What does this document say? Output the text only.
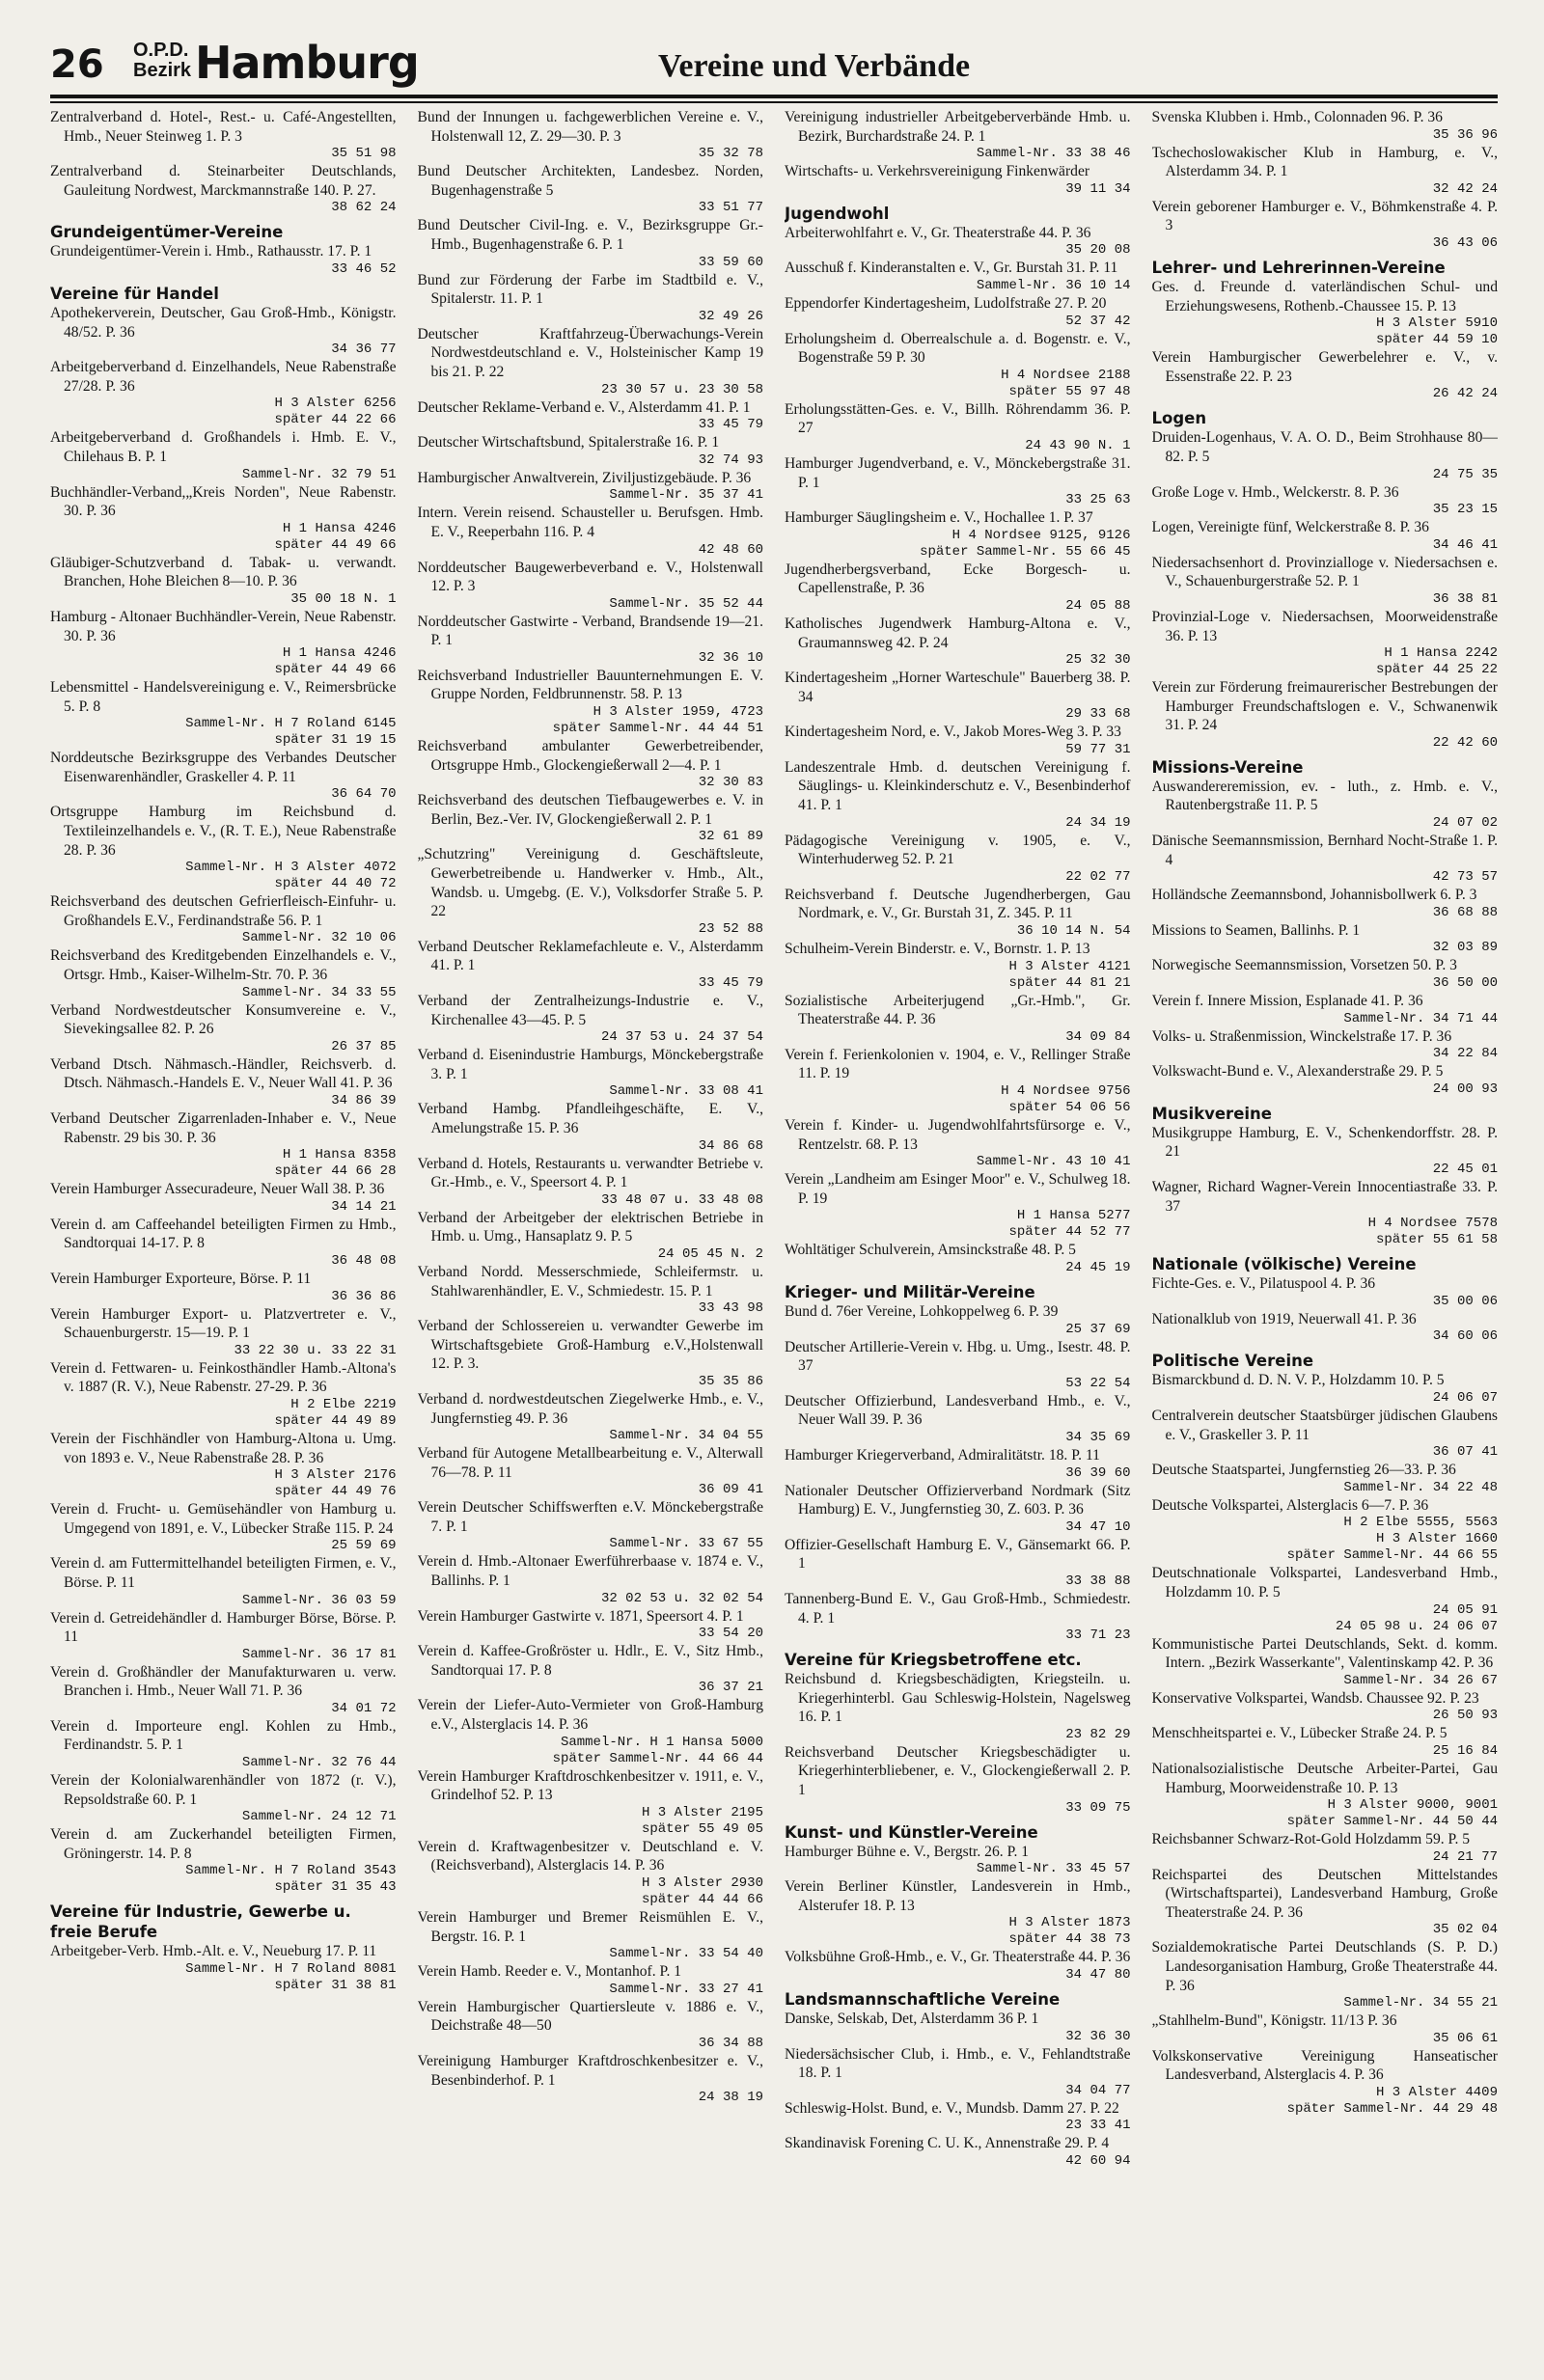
26 O.P.D.
Bezirk Hamburg	Vereine und Verbände

Zentralverband d. Hotel-, Rest.- u. Café-Angestellten, Hmb., Neuer Steinweg 1. P. 3

35 51 98

Zentralverband d. Steinarbeiter Deutschlands, Gauleitung Nordwest, Marckmannstraße 140. P. 27.

38 62 24
Grundeigentümer-Vereine

Grundeigentümer-Verein i. Hmb., Rathausstr. 17. P. 1

33 46 52
Vereine für Handel

Apothekerverein, Deutscher, Gau Groß-Hmb., Königstr. 48/52. P. 36

34 36 77

Arbeitgeberverband d. Einzelhandels, Neue Rabenstraße 27/28. P. 36

H 3 Alster 6256
später 44 22 66

Arbeitgeberverband d. Großhandels i. Hmb. E. V., Chilehaus B. P. 1

Sammel-Nr. 32 79 51

Buchhändler-Verband,„Kreis Norden", Neue Rabenstr. 30. P. 36

H 1 Hansa 4246
später 44 49 66

Gläubiger-Schutzverband d. Tabak- u. verwandt. Branchen, Hohe Bleichen 8—10. P. 36

35 00 18 N. 1

Hamburg - Altonaer Buchhändler-Verein, Neue Rabenstr. 30. P. 36

H 1 Hansa 4246
später 44 49 66

Lebensmittel - Handelsvereinigung e. V., Reimersbrücke 5. P. 8

Sammel-Nr. H 7 Roland 6145
später 31 19 15

Norddeutsche Bezirksgruppe des Verbandes Deutscher Eisenwarenhändler, Graskeller 4. P. 11

36 64 70

Ortsgruppe Hamburg im Reichsbund d. Textileinzelhandels e. V., (R. T. E.), Neue Rabenstraße 28. P. 36

Sammel-Nr. H 3 Alster 4072
später 44 40 72

Reichsverband des deutschen Gefrierfleisch-Einfuhr- u. Großhandels E.V., Ferdinandstraße 56. P. 1

Sammel-Nr. 32 10 06

Reichsverband des Kreditgebenden Einzelhandels e. V., Ortsgr. Hmb., Kaiser-Wilhelm-Str. 70. P. 36

Sammel-Nr. 34 33 55

Verband Nordwestdeutscher Konsumvereine e. V., Sievekingsallee 82. P. 26

26 37 85

Verband Dtsch. Nähmasch.-Händler, Reichsverb. d. Dtsch. Nähmasch.-Handels E. V., Neuer Wall 41. P. 36

34 86 39

Verband Deutscher Zigarrenladen-Inhaber e. V., Neue Rabenstr. 29 bis 30. P. 36

H 1 Hansa 8358
später 44 66 28

Verein Hamburger Assecuradeure, Neuer Wall 38. P. 36

34 14 21

Verein d. am Caffeehandel beteiligten Firmen zu Hmb., Sandtorquai 14-17. P. 8

36 48 08

Verein Hamburger Exporteure, Börse. P. 11

36 36 86

Verein Hamburger Export- u. Platzvertreter e. V., Schauenburgerstr. 15—19. P. 1

33 22 30 u. 33 22 31

Verein d. Fettwaren- u. Feinkosthändler Hamb.-Altona's v. 1887 (R. V.), Neue Rabenstr. 27-29. P. 36

H 2 Elbe 2219
später 44 49 89

Verein der Fischhändler von Hamburg-Altona u. Umg. von 1893 e. V., Neue Rabenstraße 28. P. 36

H 3 Alster 2176
später 44 49 76

Verein d. Frucht- u. Gemüsehändler von Hamburg u. Umgegend von 1891, e. V., Lübecker Straße 115. P. 24

25 59 69

Verein d. am Futtermittelhandel beteiligten Firmen, e. V., Börse. P. 11

Sammel-Nr. 36 03 59

Verein d. Getreidehändler d. Hamburger Börse, Börse. P. 11

Sammel-Nr. 36 17 81

Verein d. Großhändler der Manufakturwaren u. verw. Branchen i. Hmb., Neuer Wall 71. P. 36

34 01 72

Verein d. Importeure engl. Kohlen zu Hmb., Ferdinandstr. 5. P. 1

Sammel-Nr. 32 76 44

Verein der Kolonialwarenhändler von 1872 (r. V.), Repsoldstraße 60. P. 1

Sammel-Nr. 24 12 71

Verein d. am Zuckerhandel beteiligten Firmen, Gröningerstr. 14. P. 8

Sammel-Nr. H 7 Roland 3543
später 31 35 43
Vereine für Industrie, Gewerbe u. freie Berufe

Arbeitgeber-Verb. Hmb.-Alt. e. V., Neueburg 17. P. 11

Sammel-Nr. H 7 Roland 8081
später 31 38 81

Bund der Innungen u. fachgewerblichen Vereine e. V., Holstenwall 12, Z. 29—30. P. 3

35 32 78

Bund Deutscher Architekten, Landesbez. Norden, Bugenhagenstraße 5

33 51 77

Bund Deutscher Civil-Ing. e. V., Bezirksgruppe Gr.-Hmb., Bugenhagenstraße 6. P. 1

33 59 60

Bund zur Förderung der Farbe im Stadtbild e. V., Spitalerstr. 11. P. 1

32 49 26

Deutscher Kraftfahrzeug-Überwachungs-Verein Nordwestdeutschland e. V., Holsteinischer Kamp 19 bis 21. P. 22

23 30 57 u. 23 30 58

Deutscher Reklame-Verband e. V., Alsterdamm 41. P. 1

33 45 79

Deutscher Wirtschaftsbund, Spitalerstraße 16. P. 1

32 74 93

Hamburgischer Anwaltverein, Ziviljustizgebäude. P. 36

Sammel-Nr. 35 37 41

Intern. Verein reisend. Schausteller u. Berufsgen. Hmb. E. V., Reeperbahn 116. P. 4

42 48 60

Norddeutscher Baugewerbeverband e. V., Holstenwall 12. P. 3

Sammel-Nr. 35 52 44

Norddeutscher Gastwirte - Verband, Brandsende 19—21. P. 1

32 36 10

Reichsverband Industrieller Bauunternehmungen E. V. Gruppe Norden, Feldbrunnenstr. 58. P. 13

H 3 Alster 1959, 4723
später Sammel-Nr. 44 44 51

Reichsverband ambulanter Gewerbetreibender, Ortsgruppe Hmb., Glockengießerwall 2—4. P. 1

32 30 83

Reichsverband des deutschen Tiefbaugewerbes e. V. in Berlin, Bez.-Ver. IV, Glockengießerwall 2. P. 1

32 61 89

„Schutzring" Vereinigung d. Geschäftsleute, Gewerbetreibende u. Handwerker v. Hmb., Alt., Wandsb. u. Umgebg. (E. V.), Volksdorfer Straße 5. P. 22

23 52 88

Verband Deutscher Reklamefachleute e. V., Alsterdamm 41. P. 1

33 45 79

Verband der Zentralheizungs-Industrie e. V., Kirchenallee 43—45. P. 5

24 37 53 u. 24 37 54

Verband d. Eisenindustrie Hamburgs, Mönckebergstraße 3. P. 1

Sammel-Nr. 33 08 41

Verband Hambg. Pfandleihgeschäfte, E. V., Amelungstraße 15. P. 36

34 86 68

Verband d. Hotels, Restaurants u. verwandter Betriebe v. Gr.-Hmb., e. V., Speersort 4. P. 1

33 48 07 u. 33 48 08

Verband der Arbeitgeber der elektrischen Betriebe in Hmb. u. Umg., Hansaplatz 9. P. 5

24 05 45 N. 2

Verband Nordd. Messerschmiede, Schleifermstr. u. Stahlwarenhändler, E. V., Schmiedestr. 15. P. 1

33 43 98

Verband der Schlossereien u. verwandter Gewerbe im Wirtschaftsgebiete Groß-Hamburg e.V.,Holstenwall 12. P. 3.

35 35 86

Verband d. nordwestdeutschen Ziegelwerke Hmb., e. V., Jungfernstieg 49. P. 36

Sammel-Nr. 34 04 55

Verband für Autogene Metallbearbeitung e. V., Alterwall 76—78. P. 11

36 09 41

Verein Deutscher Schiffswerften e.V. Mönckebergstraße 7. P. 1

Sammel-Nr. 33 67 55

Verein d. Hmb.-Altonaer Ewerführerbaase v. 1874 e. V., Ballinhs. P. 1

32 02 53 u. 32 02 54

Verein Hamburger Gastwirte v. 1871, Speersort 4. P. 1

33 54 20

Verein d. Kaffee-Großröster u. Hdlr., E. V., Sitz Hmb., Sandtorquai 17. P. 8

36 37 21

Verein der Liefer-Auto-Vermieter von Groß-Hamburg e.V., Alsterglacis 14. P. 36

Sammel-Nr. H 1 Hansa 5000
später Sammel-Nr. 44 66 44

Verein Hamburger Kraftdroschkenbesitzer v. 1911, e. V., Grindelhof 52. P. 13

H 3 Alster 2195
später 55 49 05

Verein d. Kraftwagenbesitzer v. Deutschland e. V. (Reichsverband), Alsterglacis 14. P. 36

H 3 Alster 2930
später 44 44 66

Verein Hamburger und Bremer Reismühlen E. V., Bergstr. 16. P. 1

Sammel-Nr. 33 54 40

Verein Hamb. Reeder e. V., Montanhof. P. 1

Sammel-Nr. 33 27 41

Verein Hamburgischer Quartiersleute v. 1886 e. V., Deichstraße 48—50

36 34 88

Vereinigung Hamburger Kraftdroschkenbesitzer e. V., Besenbinderhof. P. 1

24 38 19

Vereinigung industrieller Arbeitgeberverbände Hmb. u. Bezirk, Burchardstraße 24. P. 1

Sammel-Nr. 33 38 46

Wirtschafts- u. Verkehrsvereinigung Finkenwärder

39 11 34
Jugendwohl

Arbeiterwohlfahrt e. V., Gr. Theaterstraße 44. P. 36

35 20 08

Ausschuß f. Kinderanstalten e. V., Gr. Burstah 31. P. 11

Sammel-Nr. 36 10 14

Eppendorfer Kindertagesheim, Ludolfstraße 27. P. 20

52 37 42

Erholungsheim d. Oberrealschule a. d. Bogenstr. e. V., Bogenstraße 59 P. 30

H 4 Nordsee 2188
später 55 97 48

Erholungsstätten-Ges. e. V., Billh. Röhrendamm 36. P. 27

24 43 90 N. 1

Hamburger Jugendverband, e. V., Mönckebergstraße 31. P. 1

33 25 63

Hamburger Säuglingsheim e. V., Hochallee 1. P. 37

H 4 Nordsee 9125, 9126
später Sammel-Nr. 55 66 45

Jugendherbergsverband, Ecke Borgesch- u. Capellenstraße, P. 36

24 05 88

Katholisches Jugendwerk Hamburg-Altona e. V., Graumannsweg 42. P. 24

25 32 30

Kindertagesheim „Horner Warteschule" Bauerberg 38. P. 34

29 33 68

Kindertagesheim Nord, e. V., Jakob Mores-Weg 3. P. 33

59 77 31

Landeszentrale Hmb. d. deutschen Vereinigung f. Säuglings- u. Kleinkinderschutz e. V., Besenbinderhof 41. P. 1

24 34 19

Pädagogische Vereinigung v. 1905, e. V., Winterhuderweg 52. P. 21

22 02 77

Reichsverband f. Deutsche Jugendherbergen, Gau Nordmark, e. V., Gr. Burstah 31, Z. 345. P. 11

36 10 14 N. 54

Schulheim-Verein Binderstr. e. V., Bornstr. 1. P. 13

H 3 Alster 4121
später 44 81 21

Sozialistische Arbeiterjugend „Gr.-Hmb.", Gr. Theaterstraße 44. P. 36

34 09 84

Verein f. Ferienkolonien v. 1904, e. V., Rellinger Straße 11. P. 19

H 4 Nordsee 9756
später 54 06 56

Verein f. Kinder- u. Jugendwohlfahrtsfürsorge e. V., Rentzelstr. 68. P. 13

Sammel-Nr. 43 10 41

Verein „Landheim am Esinger Moor" e. V., Schulweg 18. P. 19

H 1 Hansa 5277
später 44 52 77

Wohltätiger Schulverein, Amsinckstraße 48. P. 5

24 45 19
Krieger- und Militär-Vereine

Bund d. 76er Vereine, Lohkoppelweg 6. P. 39

25 37 69

Deutscher Artillerie-Verein v. Hbg. u. Umg., Isestr. 48. P. 37

53 22 54

Deutscher Offizierbund, Landesverband Hmb., e. V., Neuer Wall 39. P. 36

34 35 69

Hamburger Kriegerverband, Admiralitätstr. 18. P. 11

36 39 60

Nationaler Deutscher Offizierverband Nordmark (Sitz Hamburg) E. V., Jungfernstieg 30, Z. 603. P. 36

34 47 10

Offizier-Gesellschaft Hamburg E. V., Gänsemarkt 66. P. 1

33 38 88

Tannenberg-Bund E. V., Gau Groß-Hmb., Schmiedestr. 4. P. 1

33 71 23
Vereine für Kriegsbetroffene etc.

Reichsbund d. Kriegsbeschädigten, Kriegsteiln. u. Kriegerhinterbl. Gau Schleswig-Holstein, Nagelsweg 16. P. 1

23 82 29

Reichsverband Deutscher Kriegsbeschädigter u. Kriegerhinterbliebener, e. V., Glockengießerwall 2. P. 1

33 09 75
Kunst- und Künstler-Vereine

Hamburger Bühne e. V., Bergstr. 26. P. 1

Sammel-Nr. 33 45 57

Verein Berliner Künstler, Landesverein in Hmb., Alsterufer 18. P. 13

H 3 Alster 1873
später 44 38 73

Volksbühne Groß-Hmb., e. V., Gr. Theaterstraße 44. P. 36

34 47 80
Landsmannschaftliche Vereine

Danske, Selskab, Det, Alsterdamm 36 P. 1

32 36 30

Niedersächsischer Club, i. Hmb., e. V., Fehlandtstraße 18. P. 1

34 04 77

Schleswig-Holst. Bund, e. V., Mundsb. Damm 27. P. 22

23 33 41

Skandinavisk Forening C. U. K., Annenstraße 29. P. 4

42 60 94

Svenska Klubben i. Hmb., Colonnaden 96. P. 36

35 36 96

Tschechoslowakischer Klub in Hamburg, e. V., Alsterdamm 34. P. 1

32 42 24

Verein geborener Hamburger e. V., Böhmkenstraße 4. P. 3

36 43 06
Lehrer- und Lehrerinnen-Vereine

Ges. d. Freunde d. vaterländischen Schul- und Erziehungswesens, Rothenb.-Chaussee 15. P. 13

H 3 Alster 5910
später 44 59 10

Verein Hamburgischer Gewerbelehrer e. V., v. Essenstraße 22. P. 23

26 42 24
Logen

Druiden-Logenhaus, V. A. O. D., Beim Strohhause 80—82. P. 5

24 75 35

Große Loge v. Hmb., Welckerstr. 8. P. 36

35 23 15

Logen, Vereinigte fünf, Welckerstraße 8. P. 36

34 46 41

Niedersachsenhort d. Provinzialloge v. Niedersachsen e. V., Schauenburgerstraße 52. P. 1

36 38 81

Provinzial-Loge v. Niedersachsen, Moorweidenstraße 36. P. 13

H 1 Hansa 2242
später 44 25 22

Verein zur Förderung freimaurerischer Bestrebungen der Hamburger Freundschaftslogen e. V., Schwanenwik 31. P. 24

22 42 60
Missions-Vereine

Auswandereremission, ev. - luth., z. Hmb. e. V., Rautenbergstraße 11. P. 5

24 07 02

Dänische Seemannsmission, Bernhard Nocht-Straße 1. P. 4

42 73 57

Holländsche Zeemannsbond, Johannisbollwerk 6. P. 3

36 68 88

Missions to Seamen, Ballinhs. P. 1

32 03 89

Norwegische Seemannsmission, Vorsetzen 50. P. 3

36 50 00

Verein f. Innere Mission, Esplanade 41. P. 36

Sammel-Nr. 34 71 44

Volks- u. Straßenmission, Winckelstraße 17. P. 36

34 22 84

Volkswacht-Bund e. V., Alexanderstraße 29. P. 5

24 00 93
Musikvereine

Musikgruppe Hamburg, E. V., Schenkendorffstr. 28. P. 21

22 45 01

Wagner, Richard Wagner-Verein Innocentiastraße 33. P. 37

H 4 Nordsee 7578
später 55 61 58
Nationale (völkische) Vereine

Fichte-Ges. e. V., Pilatuspool 4. P. 36

35 00 06

Nationalklub von 1919, Neuerwall 41. P. 36

34 60 06
Politische Vereine

Bismarckbund d. D. N. V. P., Holzdamm 10. P. 5

24 06 07

Centralverein deutscher Staatsbürger jüdischen Glaubens e. V., Graskeller 3. P. 11

36 07 41

Deutsche Staatspartei, Jungfernstieg 26—33. P. 36

Sammel-Nr. 34 22 48

Deutsche Volkspartei, Alsterglacis 6—7. P. 36

H 2 Elbe 5555, 5563
H 3 Alster 1660
später Sammel-Nr. 44 66 55

Deutschnationale Volkspartei, Landesverband Hmb., Holzdamm 10. P. 5

24 05 91
24 05 98 u. 24 06 07

Kommunistische Partei Deutschlands, Sekt. d. komm. Intern. „Bezirk Wasserkante", Valentinskamp 42. P. 36

Sammel-Nr. 34 26 67

Konservative Volkspartei, Wandsb. Chaussee 92. P. 23

26 50 93

Menschheitspartei e. V., Lübecker Straße 24. P. 5

25 16 84

Nationalsozialistische Deutsche Arbeiter-Partei, Gau Hamburg, Moorweidenstraße 10. P. 13

H 3 Alster 9000, 9001
später Sammel-Nr. 44 50 44

Reichsbanner Schwarz-Rot-Gold Holzdamm 59. P. 5

24 21 77

Reichspartei des Deutschen Mittelstandes (Wirtschaftspartei), Landesverband Hamburg, Große Theaterstraße 24. P. 36

35 02 04

Sozialdemokratische Partei Deutschlands (S. P. D.) Landesorganisation Hamburg, Große Theaterstraße 44. P. 36

Sammel-Nr. 34 55 21

„Stahlhelm-Bund", Königstr. 11/13 P. 36

35 06 61

Volkskonservative Vereinigung Hanseatischer Landesverband, Alsterglacis 4. P. 36

H 3 Alster 4409
später Sammel-Nr. 44 29 48
